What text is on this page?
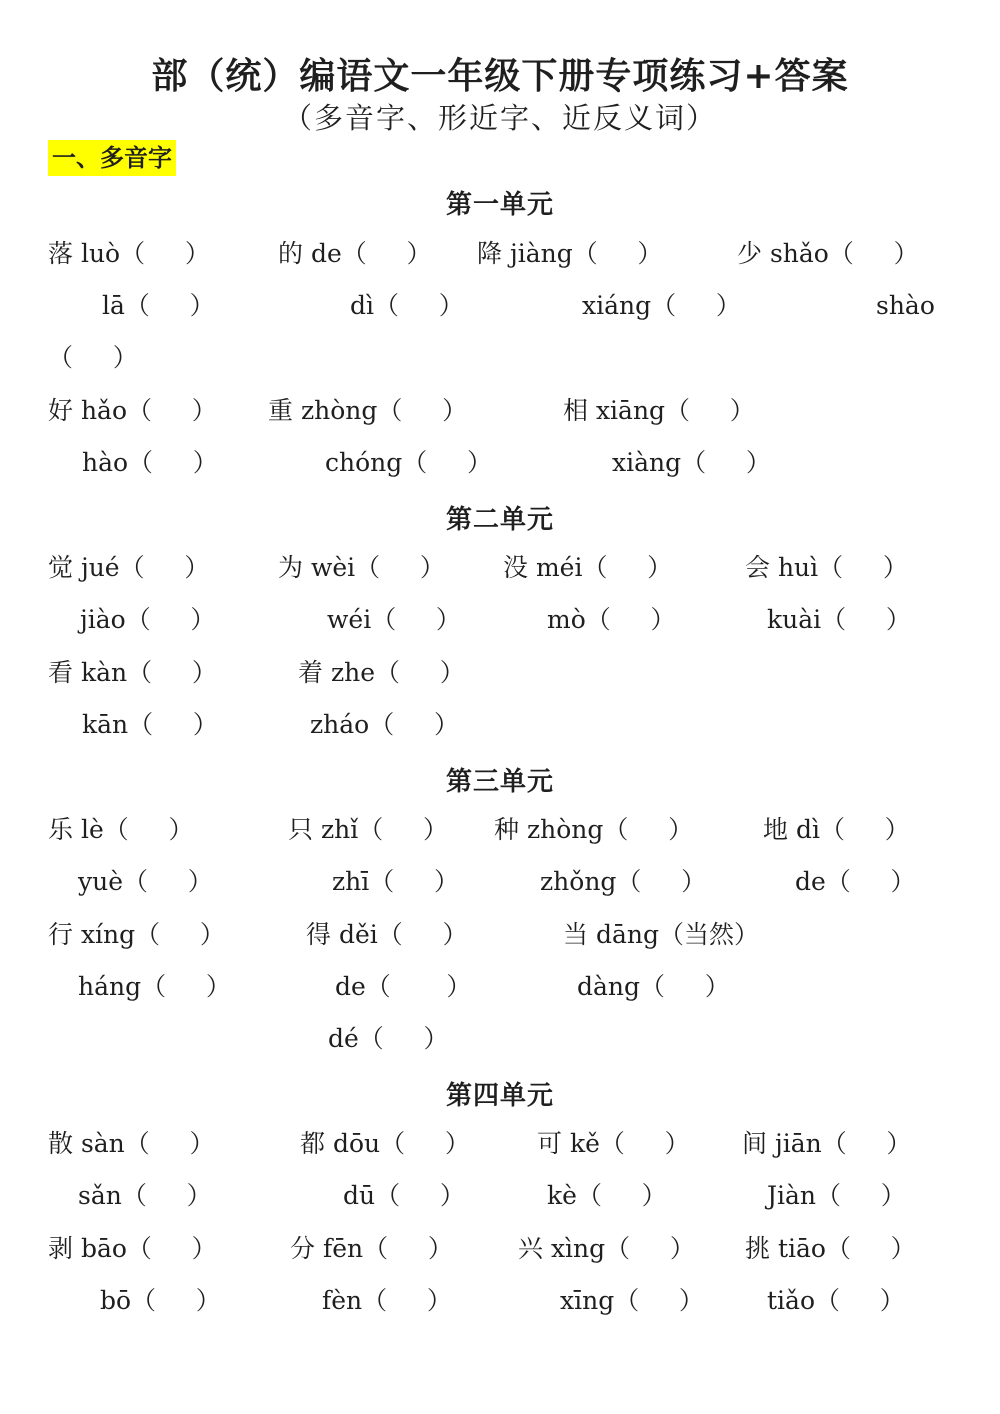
部（统）编语文一年级下册专项练习+答案
（多音字、形近字、近反义词）
一、多音字
第一单元
落 luò（     ）	的 de（     ） 降 jiàng（     ）	少 shǎo（     ）
lā（     ）	dì（     ）	xiáng（     ）	shào
（     ）
好 hǎo（     ） 重 zhòng（     ）	相 xiāng（     ）
hào（     ）	chóng（     ）	xiàng（     ）
第二单元
觉 jué（     ）	为 wèi（     ） 没 méi（     ）	会 huì（     ）
jiào（     ）	wéi（     ）	mò（     ）	kuài（     ）
看 kàn（     ）	着 zhe（     ）
kān（     ）	zháo（     ）
第三单元
乐 lè（     ）	只 zhǐ（     ） 种 zhòng（     ）	地 dì（     ）
yuè（     ）	zhī（     ）	zhǒng（     ）	de（     ）
行 xíng（     ）	得 děi（     ）	当 dāng（当然）
háng（     ）	de（       ）	dàng（     ）
dé（     ）
第四单元
散 sàn（     ）	都 dōu（     ）	可 kě（     ） 间 jiān（     ）
sǎn（     ）	dū（     ）	kè（     ）	Jiàn（     ）
剥 bāo（     ）	分 fēn（     ）	兴 xìng（     ） 挑 tiāo（     ）
bō（     ）	fèn（     ）	xīng（     ）	tiǎo（     ）
